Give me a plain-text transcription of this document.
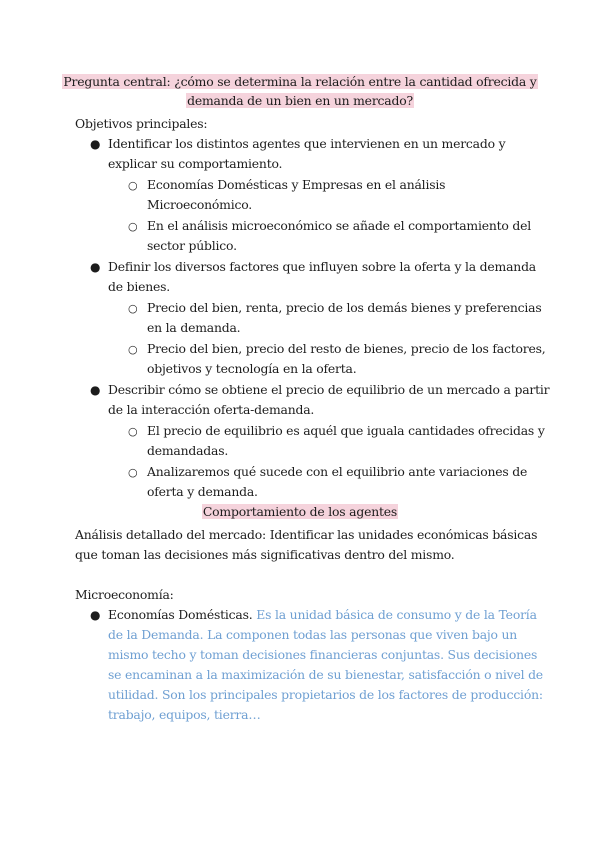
Pregunta central: ¿cómo se determina la relación entre la cantidad ofrecida y
demanda de un bien en un mercado?
Objetivos principales:
● Identificar los distintos agentes que intervienen en un mercado y
explicar su comportamiento.
○ Economías Domésticas y Empresas en el análisis
Microeconómico.
○ En el análisis microeconómico se añade el comportamiento del
sector público.
● Definir los diversos factores que influyen sobre la oferta y la demanda
de bienes.
○ Precio del bien, renta, precio de los demás bienes y preferencias
en la demanda.
○ Precio del bien, precio del resto de bienes, precio de los factores,
objetivos y tecnología en la oferta.
● Describir cómo se obtiene el precio de equilibrio de un mercado a partir
de la interacción oferta-demanda.
○ El precio de equilibrio es aquél que iguala cantidades ofrecidas y
demandadas.
○ Analizaremos qué sucede con el equilibrio ante variaciones de
oferta y demanda.
Comportamiento de los agentes
Análisis detallado del mercado: Identificar las unidades económicas básicas
que toman las decisiones más significativas dentro del mismo.
Microeconomía:
● Economías Domésticas. Es la unidad básica de consumo y de la Teoría
de la Demanda. La componen todas las personas que viven bajo un
mismo techo y toman decisiones financieras conjuntas. Sus decisiones
se encaminan a la maximización de su bienestar, satisfacción o nivel de
utilidad. Son los principales propietarios de los factores de producción:
trabajo, equipos, tierra…
